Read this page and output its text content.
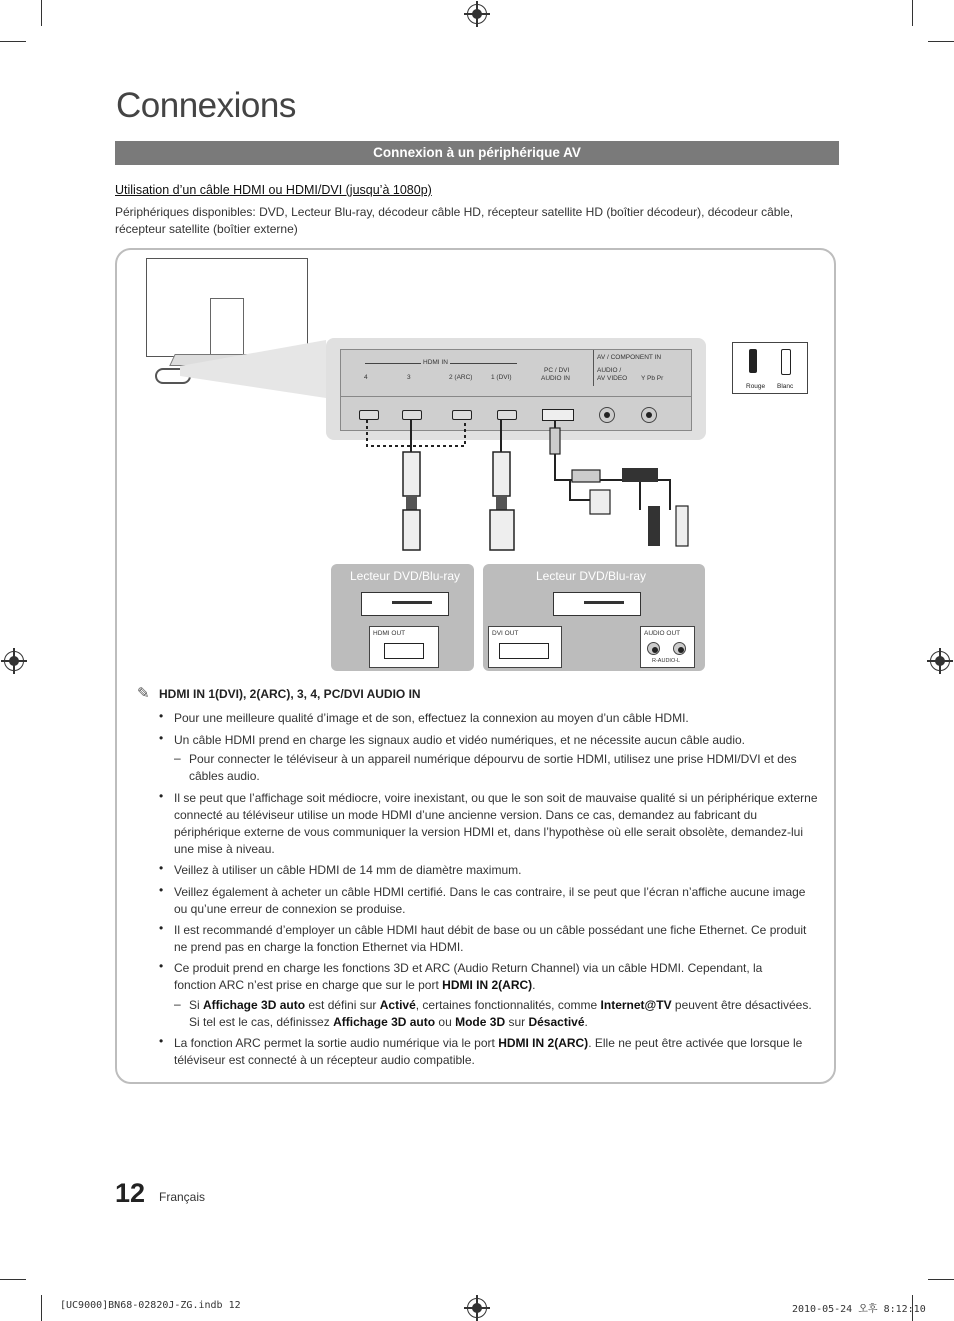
Connexions
Connexion à un périphérique AV
Utilisation d’un câble HDMI ou HDMI/DVI (jusqu’à 1080p)
Périphériques disponibles: DVD, Lecteur Blu-ray, décodeur câble HD, récepteur satellite HD (boîtier décodeur), décodeur câble, récepteur satellite (boîtier externe)
HDMI IN
4	3	2 (ARC)	1 (DVI)
PC / DVI
AUDIO IN
AV / COMPONENT IN
AUDIO /
AV VIDEO Y Pb Pr
Rouge Blanc
Lecteur DVD/Blu-ray
HDMI OUT
Lecteur DVD/Blu-ray
DVI OUT	AUDIO OUT
R-AUDIO-L
✎ HDMI IN 1(DVI), 2(ARC), 3, 4, PC/DVI AUDIO IN
• Pour une meilleure qualité d’image et de son, effectuez la connexion au moyen d’un câble HDMI.
• Un câble HDMI prend en charge les signaux audio et vidéo numériques, et ne nécessite aucun câble audio.
– Pour connecter le téléviseur à un appareil numérique dépourvu de sortie HDMI, utilisez une prise HDMI/DVI et des câbles audio.
• Il se peut que l’affichage soit médiocre, voire inexistant, ou que le son soit de mauvaise qualité si un périphérique externe connecté au téléviseur utilise un mode HDMI d’une ancienne version. Dans ce cas, demandez au fabricant du périphérique externe de vous communiquer la version HDMI et, dans l’hypothèse où elle serait obsolète, demandez-lui une mise à niveau.
• Veillez à utiliser un câble HDMI de 14 mm de diamètre maximum.
• Veillez également à acheter un câble HDMI certifié. Dans le cas contraire, il se peut que l’écran n’affiche aucune image ou qu’une erreur de connexion se produise.
• Il est recommandé d’employer un câble HDMI haut débit de base ou un câble possédant une fiche Ethernet. Ce produit ne prend pas en charge la fonction Ethernet via HDMI.
• Ce produit prend en charge les fonctions 3D et ARC (Audio Return Channel) via un câble HDMI. Cependant, la fonction ARC n’est prise en charge que sur le port HDMI IN 2(ARC).
– Si Affichage 3D auto est défini sur Activé, certaines fonctionnalités, comme Internet@TV peuvent être désactivées. Si tel est le cas, définissez Affichage 3D auto ou Mode 3D sur Désactivé.
• La fonction ARC permet la sortie audio numérique via le port HDMI IN 2(ARC). Elle ne peut être activée que lorsque le téléviseur est connecté à un récepteur audio compatible.
12 Français
[UC9000]BN68-02820J-ZG.indb 12	2010-05-24 오후 8:12:10
